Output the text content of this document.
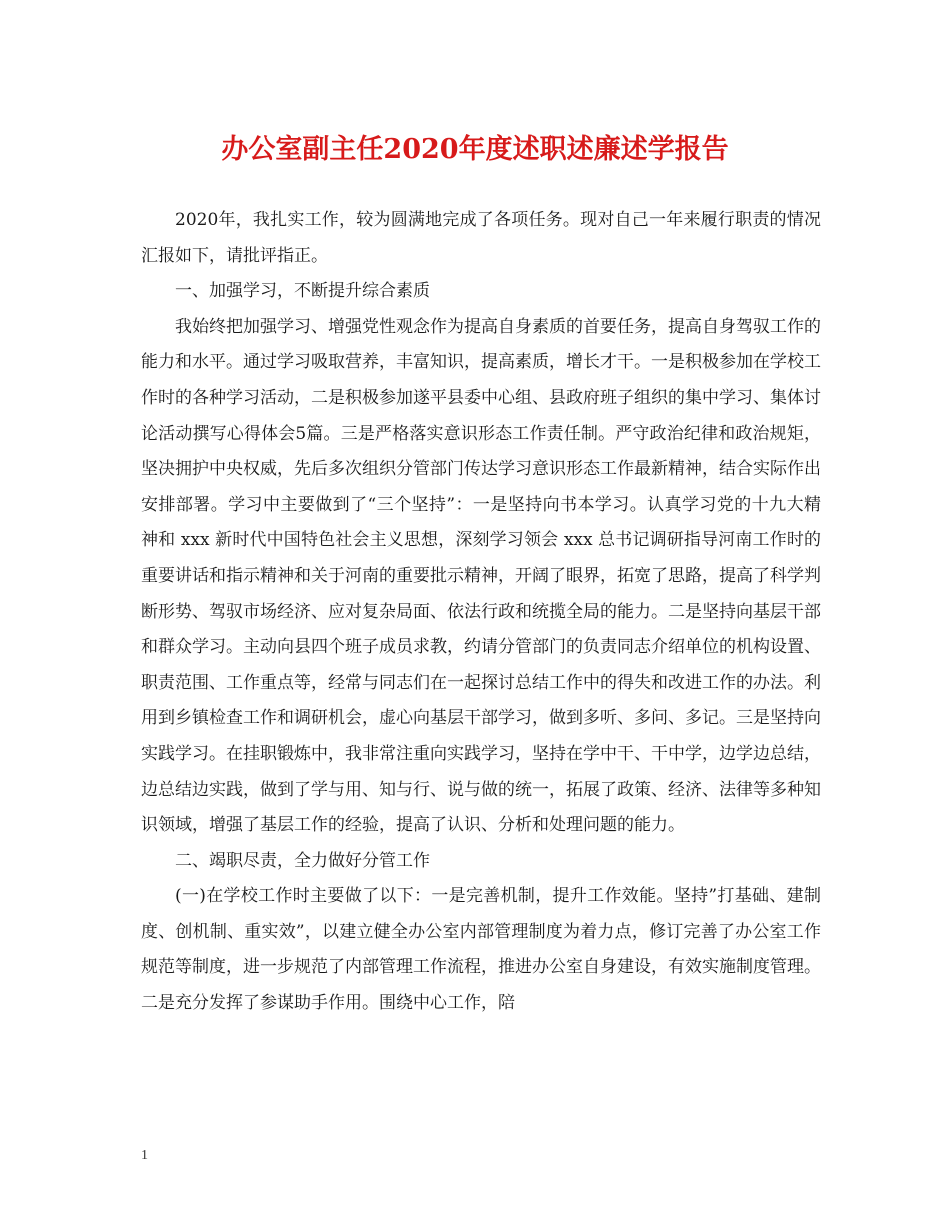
办公室副主任2020年度述职述廉述学报告

2020年，我扎实工作，较为圆满地完成了各项任务。现对自己一年来履行职责的情况汇报如下，请批评指正。

一、加强学习，不断提升综合素质

我始终把加强学习、增强党性观念作为提高自身素质的首要任务，提高自身驾驭工作的能力和水平。通过学习吸取营养，丰富知识，提高素质，增长才干。一是积极参加在学校工作时的各种学习活动，二是积极参加遂平县委中心组、县政府班子组织的集中学习、集体讨论活动撰写心得体会5篇。三是严格落实意识形态工作责任制。严守政治纪律和政治规矩，坚决拥护中央权威，先后多次组织分管部门传达学习意识形态工作最新精神，结合实际作出安排部署。学习中主要做到了“三个坚持”：一是坚持向书本学习。认真学习党的十九大精神和 xxx 新时代中国特色社会主义思想，深刻学习领会 xxx 总书记调研指导河南工作时的重要讲话和指示精神和关于河南的重要批示精神，开阔了眼界，拓宽了思路，提高了科学判断形势、驾驭市场经济、应对复杂局面、依法行政和统揽全局的能力。二是坚持向基层干部和群众学习。主动向县四个班子成员求教，约请分管部门的负责同志介绍单位的机构设置、职责范围、工作重点等，经常与同志们在一起探讨总结工作中的得失和改进工作的办法。利用到乡镇检查工作和调研机会，虚心向基层干部学习，做到多听、多问、多记。三是坚持向实践学习。在挂职锻炼中，我非常注重向实践学习，坚持在学中干、干中学，边学边总结，边总结边实践，做到了学与用、知与行、说与做的统一，拓展了政策、经济、法律等多种知识领域，增强了基层工作的经验，提高了认识、分析和处理问题的能力。

二、竭职尽责，全力做好分管工作

(一)在学校工作时主要做了以下：一是完善机制，提升工作效能。坚持”打基础、建制度、创机制、重实效”，以建立健全办公室内部管理制度为着力点，修订完善了办公室工作规范等制度，进一步规范了内部管理工作流程，推进办公室自身建设，有效实施制度管理。二是充分发挥了参谋助手作用。围绕中心工作，陪

1
